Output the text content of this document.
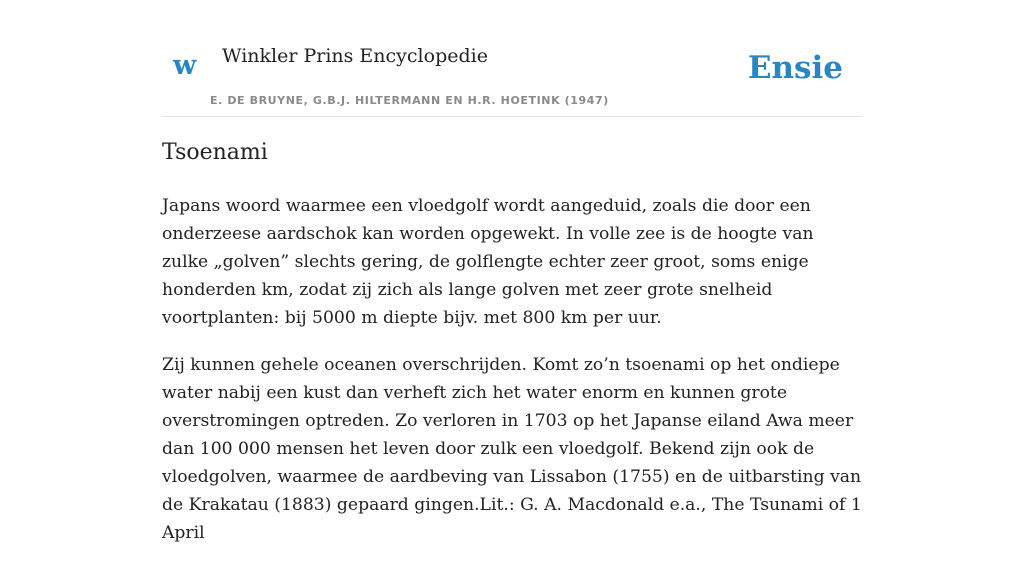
w Winkler Prins Encyclopedie
E. DE BRUYNE, G.B.J. HILTERMANN EN H.R. HOETINK (1947)
Ensie
Tsoenami

Japans woord waarmee een vloedgolf wordt aangeduid, zoals die door een onderzeese aardschok kan worden opgewekt. In volle zee is de hoogte van zulke „golven” slechts gering, de golflengte echter zeer groot, soms enige honderden km, zodat zij zich als lange golven met zeer grote snelheid voortplanten: bij 5000 m diepte bijv. met 800 km per uur.

Zij kunnen gehele oceanen overschrijden. Komt zo’n tsoenami op het ondiepe water nabij een kust dan verheft zich het water enorm en kunnen grote overstromingen optreden. Zo verloren in 1703 op het Japanse eiland Awa meer dan 100 000 mensen het leven door zulk een vloedgolf. Bekend zijn ook de vloedgolven, waarmee de aardbeving van Lissabon (1755) en de uitbarsting van de Krakatau (1883) gepaard gingen.Lit.: G. A. Macdonald e.a., The Tsunami of 1 April
